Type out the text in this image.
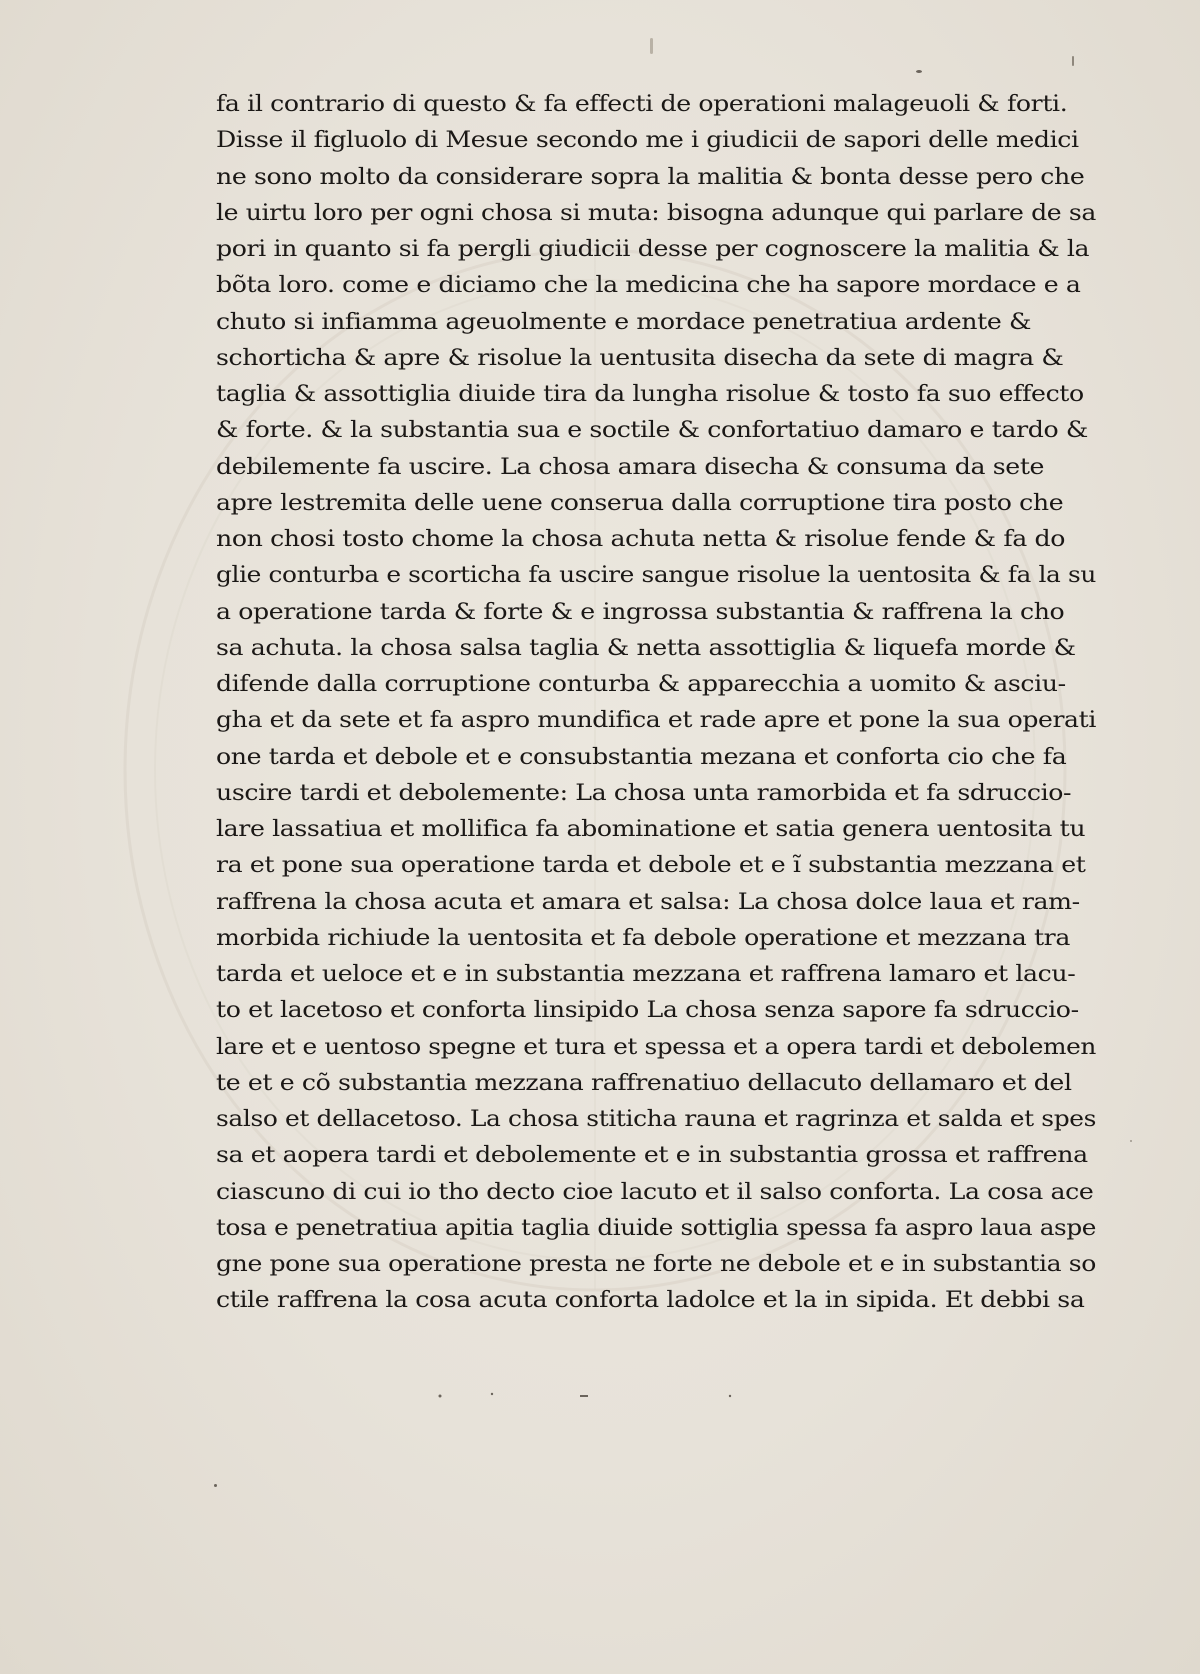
fa il contrario di questo & fa effecti de operationi malageuoli & forti.
Disse il figluolo di Mesue secondo me i giudicii de sapori delle medici
ne sono molto da considerare sopra la malitia & bonta desse pero che
le uirtu loro per ogni chosa si muta: bisogna adunque qui parlare de sa
pori in quanto si fa pergli giudicii desse per cognoscere la malitia & la
bõta loro. come e diciamo che la medicina che ha sapore mordace e a
chuto si infiamma ageuolmente e mordace penetratiua ardente &
schorticha & apre & risolue la uentusita disecha da sete di magra &
taglia & assottiglia diuide tira da lungha risolue & tosto fa suo effecto
& forte. & la substantia sua e soctile & confortatiuo damaro e tardo &
debilemente fa uscire. La chosa amara disecha & consuma da sete
apre lestremita delle uene conserua dalla corruptione tira posto che
non chosi tosto chome la chosa achuta netta & risolue fende & fa do
glie conturba e scorticha fa uscire sangue risolue la uentosita & fa la su
a operatione tarda & forte & e ingrossa substantia & raffrena la cho
sa achuta. la chosa salsa taglia & netta assottiglia & liquefa morde &
difende dalla corruptione conturba & apparecchia a uomito & asciu-
gha et da sete et fa aspro mundifica et rade apre et pone la sua operati
one tarda et debole et e consubstantia mezana et conforta cio che fa
uscire tardi et debolemente: La chosa unta ramorbida et fa sdruccio-
lare lassatiua et mollifica fa abominatione et satia genera uentosita tu
ra et pone sua operatione tarda et debole et e ĩ substantia mezzana et
raffrena la chosa acuta et amara et salsa: La chosa dolce laua et ram-
morbida richiude la uentosita et fa debole operatione et mezzana tra
tarda et ueloce et e in substantia mezzana et raffrena lamaro et lacu-
to et lacetoso et conforta linsipido La chosa senza sapore fa sdruccio-
lare et e uentoso spegne et tura et spessa et a opera tardi et debolemen
te et e cõ substantia mezzana raffrenatiuo dellacuto dellamaro et del
salso et dellacetoso. La chosa stiticha rauna et ragrinza et salda et spes
sa et aopera tardi et debolemente et e in substantia grossa et raffrena
ciascuno di cui io tho decto cioe lacuto et il salso conforta. La cosa ace
tosa e penetratiua apitia taglia diuide sottiglia spessa fa aspro laua aspe
gne pone sua operatione presta ne forte ne debole et e in substantia so
ctile raffrena la cosa acuta conforta ladolce et la in sipida. Et debbi sa
